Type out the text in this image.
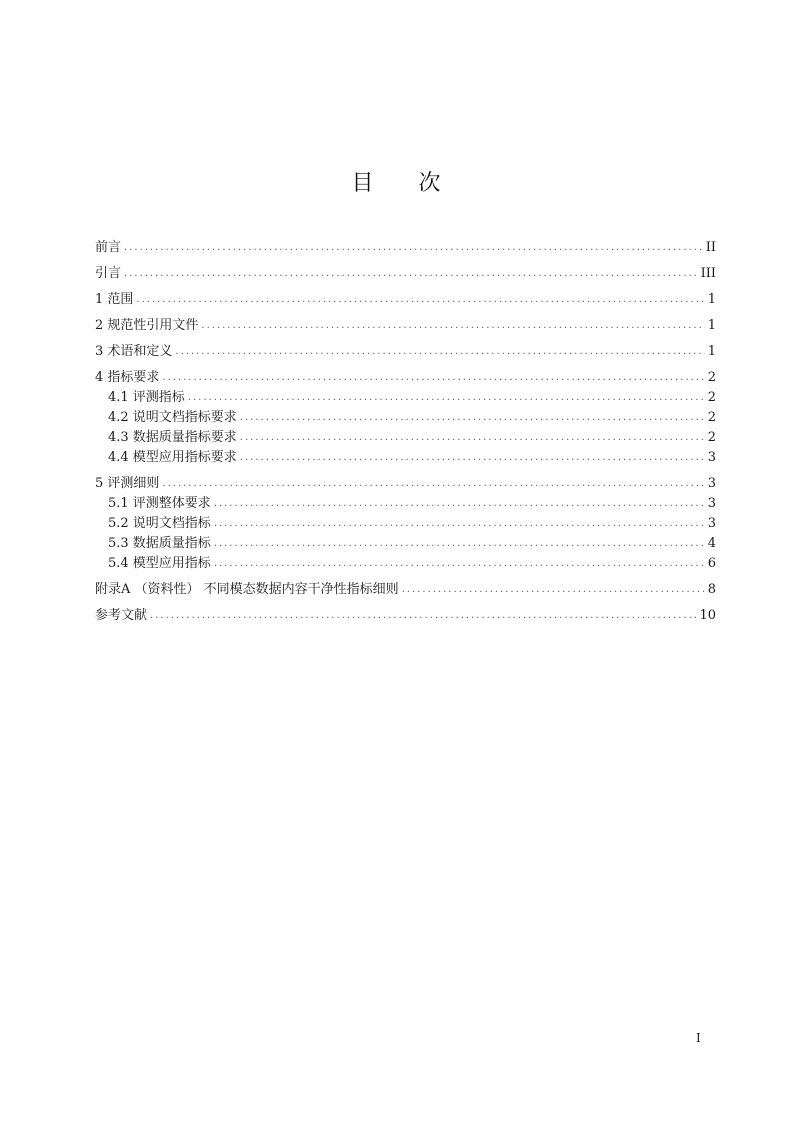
目 次
前言 .....	II
引言 .....	III
1 范围 .....	1
2 规范性引用文件 .....	1
3 术语和定义 .....	1
4 指标要求 .....	2
4.1 评测指标 .....	2
4.2 说明文档指标要求 .....	2
4.3 数据质量指标要求 .....	2
4.4 模型应用指标要求 .....	3
5 评测细则 .....	3
5.1 评测整体要求 .....	3
5.2 说明文档指标 .....	3
5.3 数据质量指标 .....	4
5.4 模型应用指标 .....	6
附录A （资料性） 不同模态数据内容干净性指标细则 .....	8
参考文献 .....	10
I
